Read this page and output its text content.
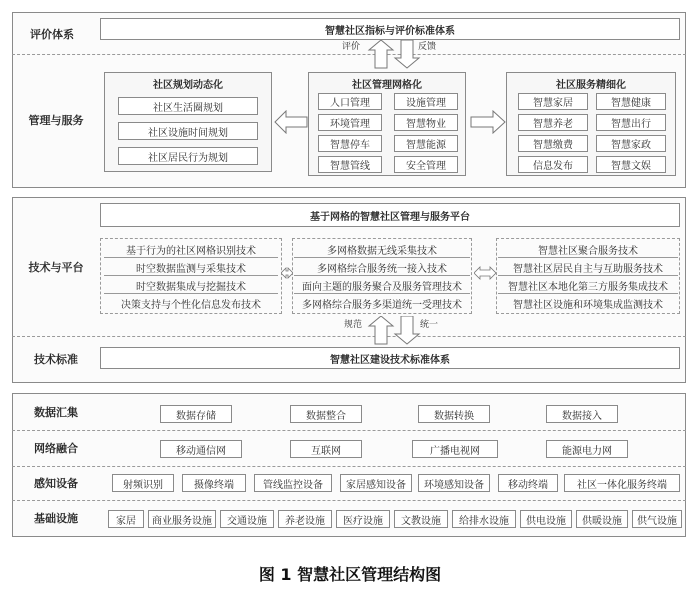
评价体系	智慧社区指标与评价标准体系
评价	反馈
管理与服务
社区规划动态化
社区生活圈规划
社区设施时间规划
社区居民行为规划
社区管理网格化
人口管理	设施管理
环境管理	智慧物业
智慧停车	智慧能源
智慧管线	安全管理
社区服务精细化
智慧家居	智慧健康
智慧养老	智慧出行
智慧缴费	智慧家政
信息发布	智慧文娱
技术与平台
基于网格的智慧社区管理与服务平台
基于行为的社区网格识别技术
时空数据监测与采集技术
时空数据集成与挖掘技术
决策支持与个性化信息发布技术
多网格数据无线采集技术
多网格综合服务统一接入技术
面向主题的服务聚合及服务管理技术
多网格综合服务多渠道统一受理技术
智慧社区聚合服务技术
智慧社区居民自主与互助服务技术
智慧社区本地化第三方服务集成技术
智慧社区设施和环境集成监测技术
规范	统一
技术标准	智慧社区建设技术标准体系
数据汇集	数据存储	数据整合	数据转换	数据接入
网络融合	移动通信网	互联网	广播电视网	能源电力网
感知设备	射频识别	摄像终端	管线监控设备	家居感知设备	环境感知设备	移动终端	社区一体化服务终端
基础设施	家居	商业服务设施	交通设施	养老设施	医疗设施	文教设施	给排水设施	供电设施	供暖设施	供气设施
图 1 智慧社区管理结构图
